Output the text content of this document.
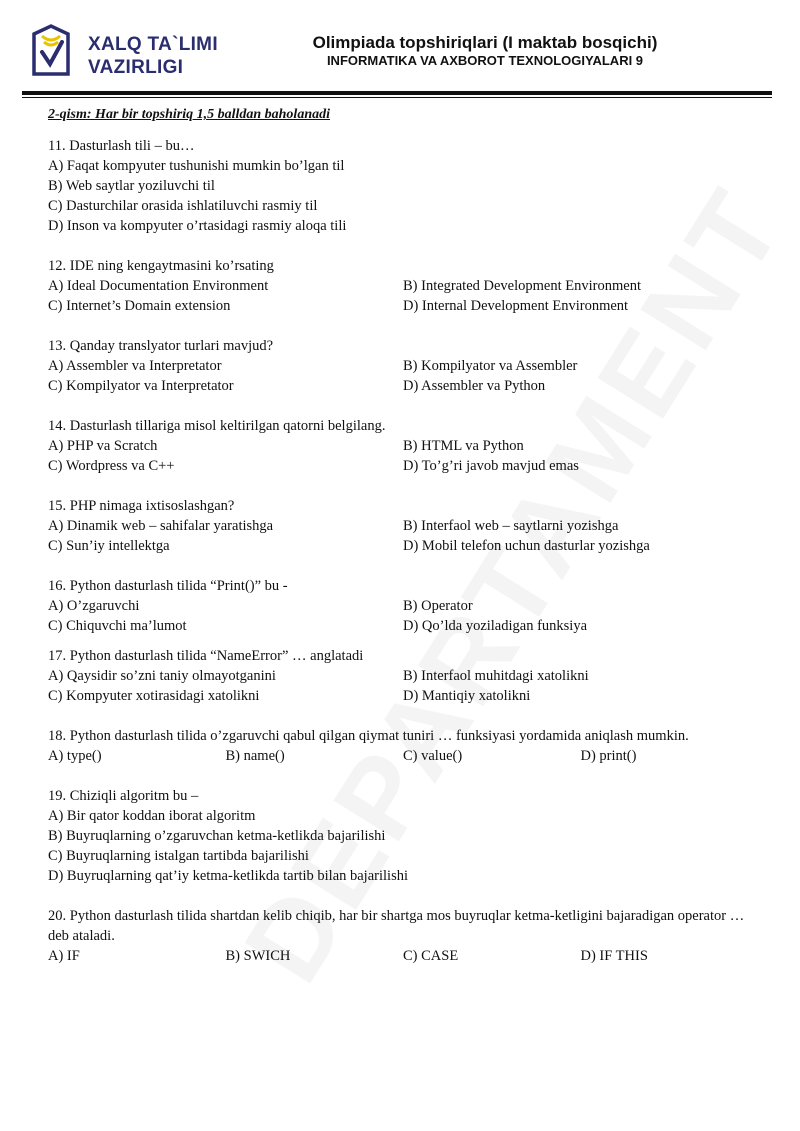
XALQ TA`LIMI
VAZIRLIGI
Olimpiada topshiriqlari (I maktab bosqichi)
INFORMATIKA VA AXBOROT TEXNOLOGIYALARI 9
2-qism: Har bir topshiriq 1,5 balldan baholanadi
11. Dasturlash tili – bu…
A) Faqat kompyuter tushunishi mumkin bo’lgan til
B) Web saytlar yoziluvchi til
C) Dasturchilar orasida ishlatiluvchi rasmiy til
D) Inson va kompyuter o’rtasidagi rasmiy aloqa tili
12. IDE ning kengaytmasini ko’rsating
A) Ideal Documentation Environment	B) Integrated Development Environment
C) Internet’s Domain extension	D) Internal Development Environment
13. Qanday translyator turlari mavjud?
A) Assembler va Interpretator	B) Kompilyator va Assembler
C) Kompilyator va Interpretator	D) Assembler va Python
14. Dasturlash tillariga misol keltirilgan qatorni belgilang.
A) PHP va Scratch	B) HTML va Python
C) Wordpress va C++	D) To’g’ri javob mavjud emas
15. PHP nimaga ixtisoslashgan?
A) Dinamik web – sahifalar yaratishga	B) Interfaol web – saytlarni yozishga
C) Sun’iy intellektga	D) Mobil telefon uchun dasturlar yozishga
16. Python dasturlash tilida “Print()” bu -
A) O’zgaruvchi	B) Operator
C) Chiquvchi ma’lumot	D) Qo’lda yoziladigan funksiya
17. Python dasturlash tilida “NameError” … anglatadi
A) Qaysidir so’zni taniy olmayotganini	B) Interfaol muhitdagi xatolikni
C) Kompyuter xotirasidagi xatolikni	D) Mantiqiy xatolikni
18. Python dasturlash tilida o’zgaruvchi qabul qilgan qiymat tuniri … funksiyasi yordamida aniqlash mumkin.
A) type()	B) name()	C) value()	D) print()
19. Chiziqli algoritm bu –
A) Bir qator koddan iborat algoritm
B) Buyruqlarning o’zgaruvchan ketma-ketlikda bajarilishi
C) Buyruqlarning istalgan tartibda bajarilishi
D) Buyruqlarning qat’iy ketma-ketlikda tartib bilan bajarilishi
20. Python dasturlash tilida shartdan kelib chiqib, har bir shartga mos buyruqlar ketma-ketligini bajaradigan operator … deb ataladi.
A) IF	B) SWICH	C) CASE	D) IF THIS
